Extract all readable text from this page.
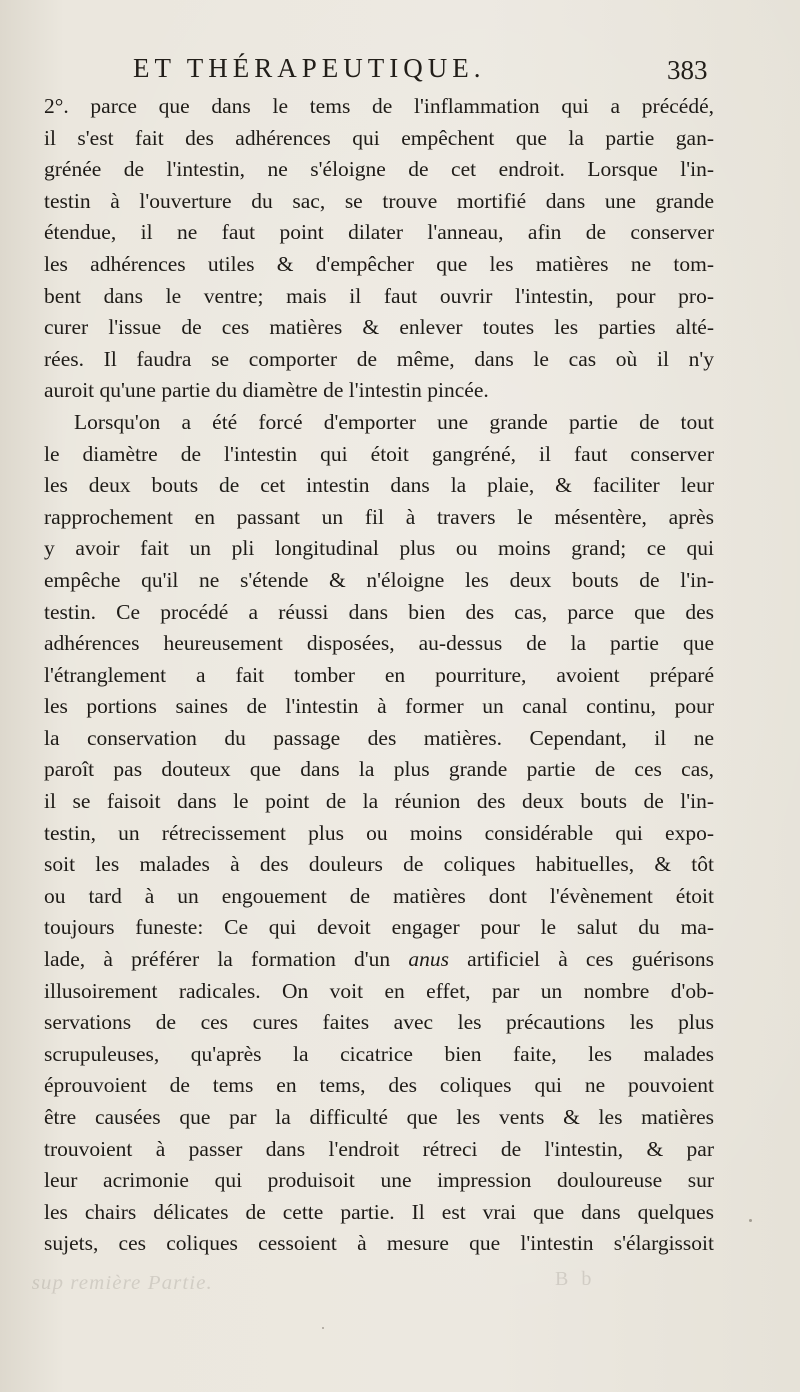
ET THÉRAPEUTIQUE.	383
2°. parce que dans le tems de l'inflammation qui a précédé,
il s'est fait des adhérences qui empêchent que la partie gan-
grénée de l'intestin, ne s'éloigne de cet endroit. Lorsque l'in-
testin à l'ouverture du sac, se trouve mortifié dans une grande
étendue, il ne faut point dilater l'anneau, afin de conserver
les adhérences utiles & d'empêcher que les matières ne tom-
bent dans le ventre; mais il faut ouvrir l'intestin, pour pro-
curer l'issue de ces matières & enlever toutes les parties alté-
rées. Il faudra se comporter de même, dans le cas où il n'y
auroit qu'une partie du diamètre de l'intestin pincée.
Lorsqu'on a été forcé d'emporter une grande partie de tout
le diamètre de l'intestin qui étoit gangréné, il faut conserver
les deux bouts de cet intestin dans la plaie, & faciliter leur
rapprochement en passant un fil à travers le mésentère, après
y avoir fait un pli longitudinal plus ou moins grand; ce qui
empêche qu'il ne s'étende & n'éloigne les deux bouts de l'in-
testin. Ce procédé a réussi dans bien des cas, parce que des
adhérences heureusement disposées, au-dessus de la partie que
l'étranglement a fait tomber en pourriture, avoient préparé
les portions saines de l'intestin à former un canal continu, pour
la conservation du passage des matières. Cependant, il ne
paroît pas douteux que dans la plus grande partie de ces cas,
il se faisoit dans le point de la réunion des deux bouts de l'in-
testin, un rétrecissement plus ou moins considérable qui expo-
soit les malades à des douleurs de coliques habituelles, & tôt
ou tard à un engouement de matières dont l'évènement étoit
toujours funeste: Ce qui devoit engager pour le salut du ma-
lade, à préférer la formation d'un anus artificiel à ces guérisons
illusoirement radicales. On voit en effet, par un nombre d'ob-
servations de ces cures faites avec les précautions les plus
scrupuleuses, qu'après la cicatrice bien faite, les malades
éprouvoient de tems en tems, des coliques qui ne pouvoient
être causées que par la difficulté que les vents & les matières
trouvoient à passer dans l'endroit rétreci de l'intestin, & par
leur acrimonie qui produisoit une impression douloureuse sur
les chairs délicates de cette partie. Il est vrai que dans quelques
sujets, ces coliques cessoient à mesure que l'intestin s'élargissoit
sup remière Partie.	B b
